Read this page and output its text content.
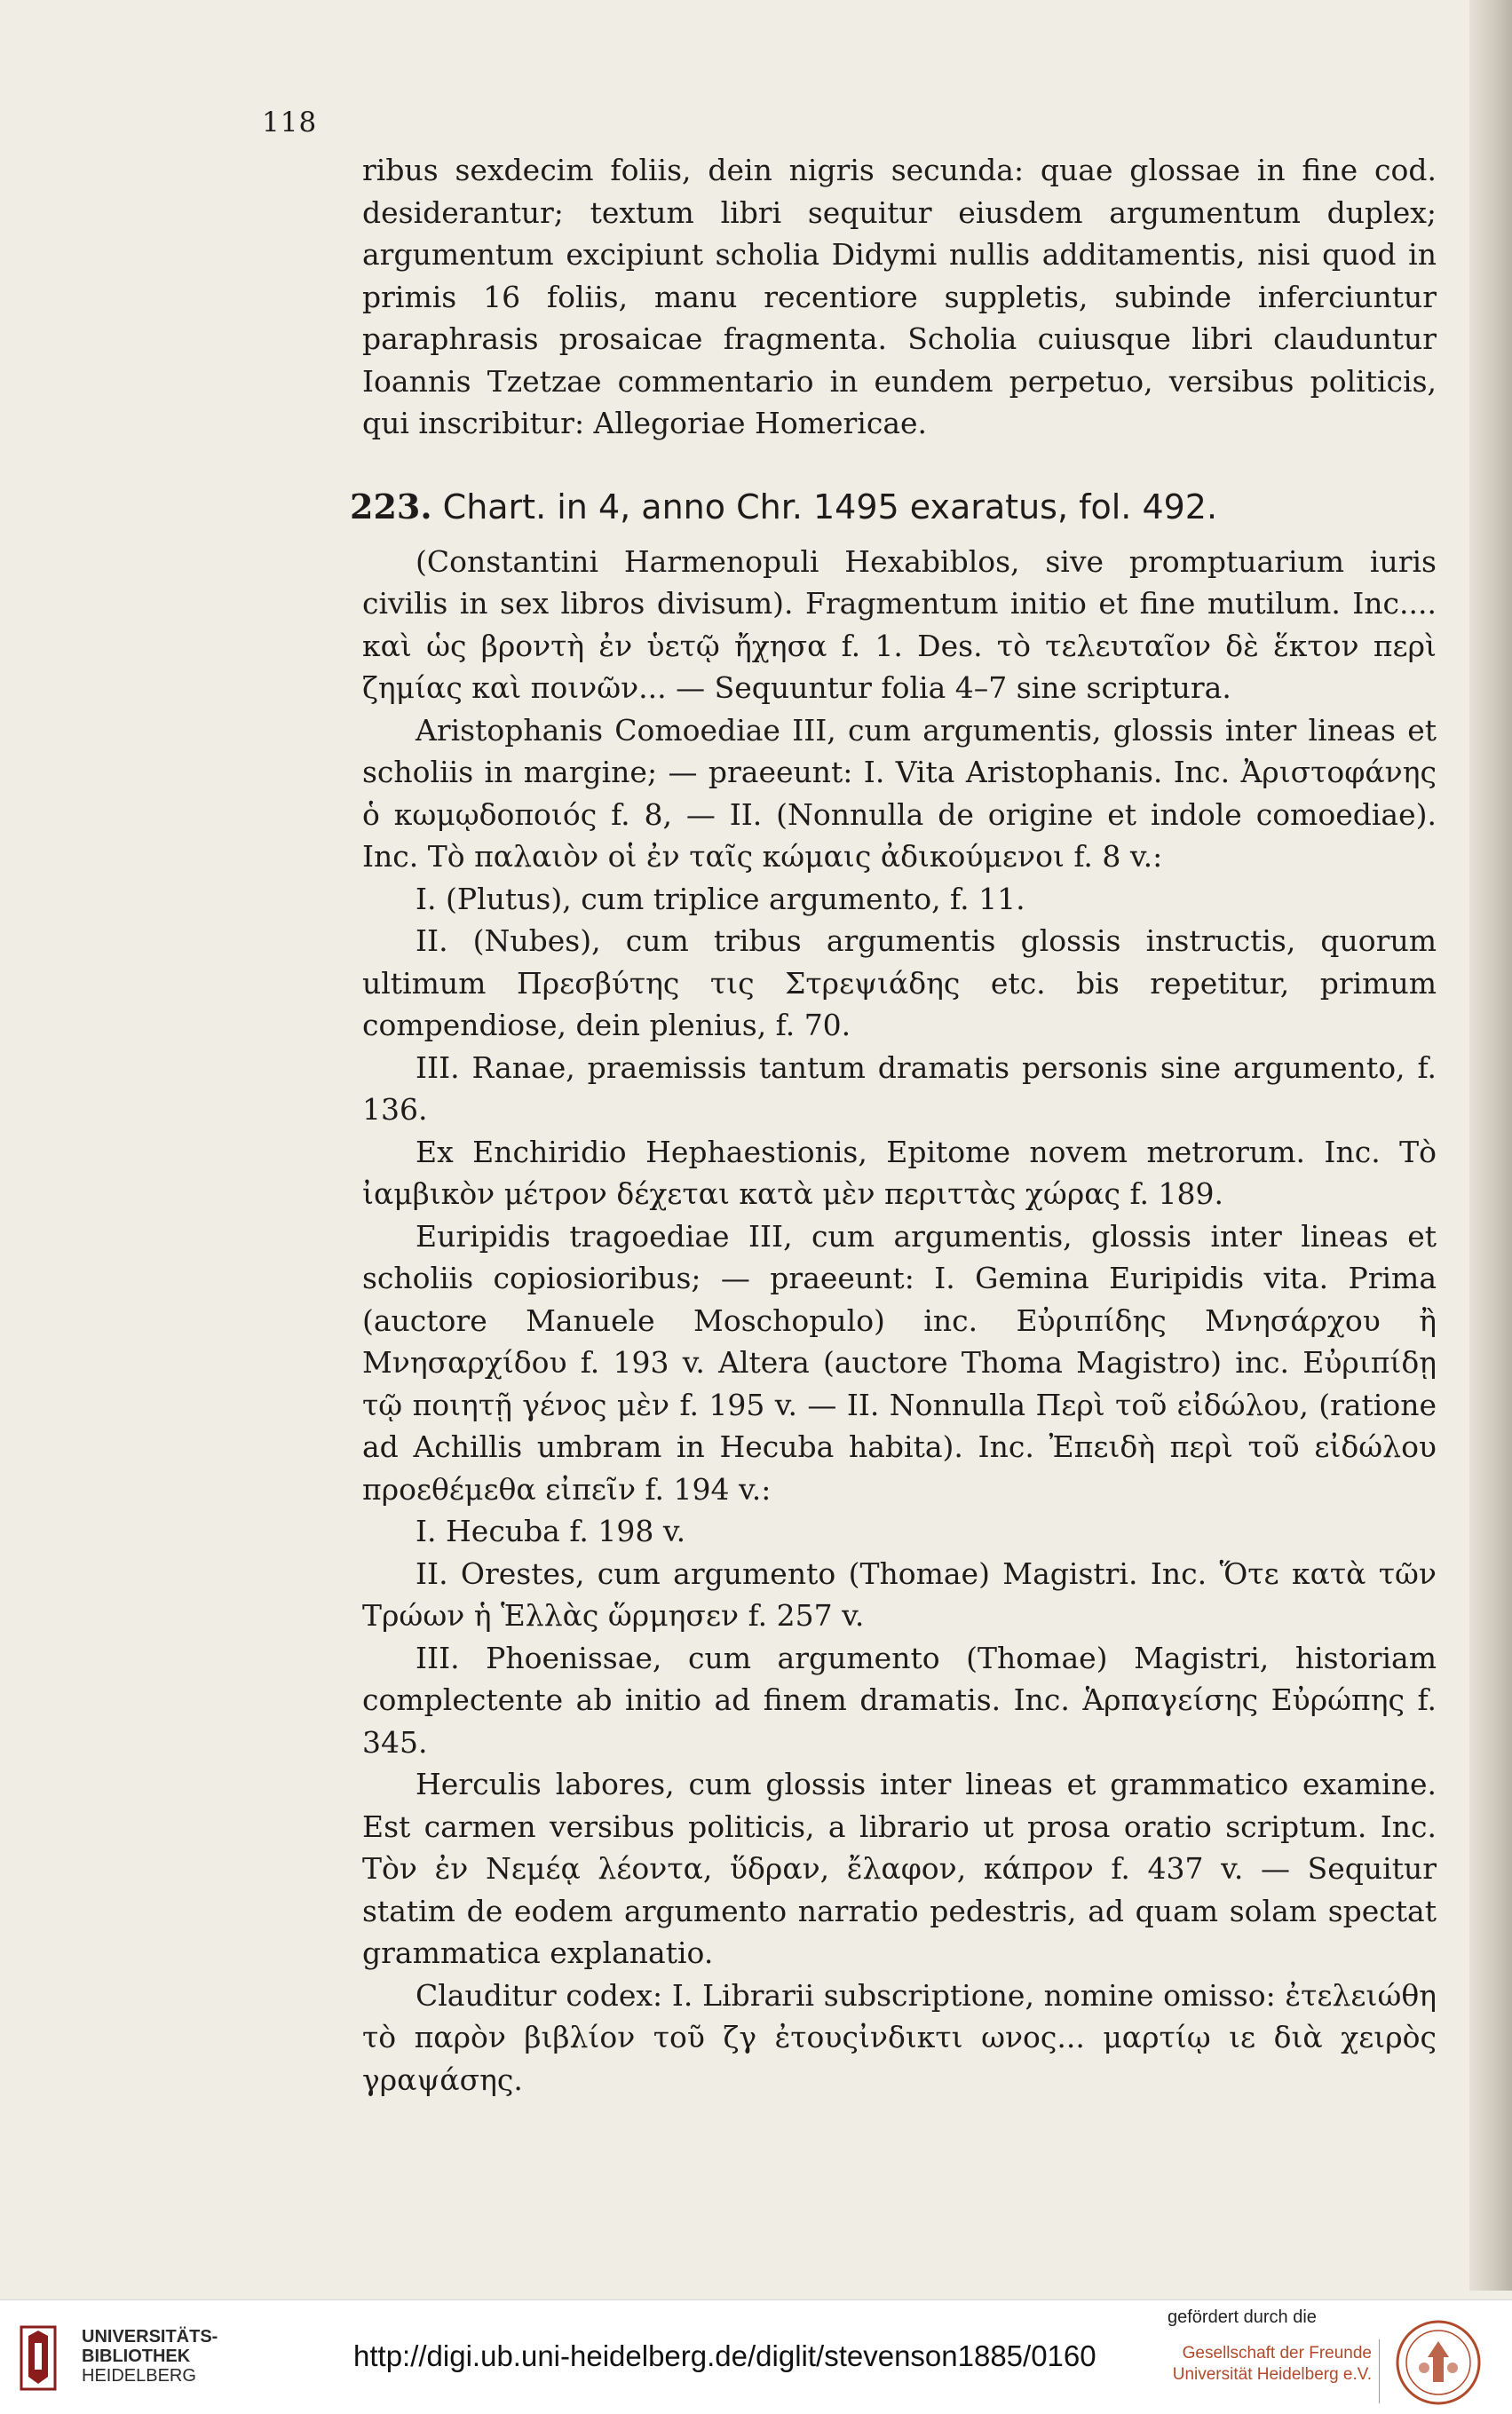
118

ribus sexdecim foliis, dein nigris secunda: quae glossae in fine cod. desiderantur; textum libri sequitur eiusdem argumentum duplex; argumentum excipiunt scholia Didymi nullis additamentis, nisi quod in primis 16 foliis, manu recentiore suppletis, subinde inferciuntur paraphrasis prosaicae fragmenta. Scholia cuiusque libri clauduntur Ioannis Tzetzae commentario in eundem perpetuo, versibus politicis, qui inscribitur: Allegoriae Homericae.

223. Chart. in 4, anno Chr. 1495 exaratus, fol. 492.

(Constantini Harmenopuli Hexabiblos, sive promptuarium iuris civilis in sex libros divisum). Fragmentum initio et fine mutilum. Inc.... καὶ ὡς βροντὴ ἐν ὑετῷ ἤχησα f. 1. Des. τὸ τελευταῖον δὲ ἕκτον περὶ ζημίας καὶ ποινῶν... — Sequuntur folia 4–7 sine scriptura.

Aristophanis Comoediae III, cum argumentis, glossis inter lineas et scholiis in margine; — praeeunt: I. Vita Aristophanis. Inc. Ἀριστοφάνης ὁ κωμῳδοποιός f. 8, — II. (Nonnulla de origine et indole comoediae). Inc. Τὸ παλαιὸν οἱ ἐν ταῖς κώμαις ἀδικούμενοι f. 8 v.:

I. (Plutus), cum triplice argumento, f. 11.

II. (Nubes), cum tribus argumentis glossis instructis, quorum ultimum Πρεσβύτης τις Στρεψιάδης etc. bis repetitur, primum compendiose, dein plenius, f. 70.

III. Ranae, praemissis tantum dramatis personis sine argumento, f. 136.

Ex Enchiridio Hephaestionis, Epitome novem metrorum. Inc. Τὸ ἰαμβικὸν μέτρον δέχεται κατὰ μὲν περιττὰς χώρας f. 189.

Euripidis tragoediae III, cum argumentis, glossis inter lineas et scholiis copiosioribus; — praeeunt: I. Gemina Euripidis vita. Prima (auctore Manuele Moschopulo) inc. Εὐριπίδης Μνησάρχου ἢ Μνησαρχίδου f. 193 v. Altera (auctore Thoma Magistro) inc. Εὐριπίδῃ τῷ ποιητῇ γένος μὲν f. 195 v. — II. Nonnulla Περὶ τοῦ εἰδώλου, (ratione ad Achillis umbram in Hecuba habita). Inc. Ἐπειδὴ περὶ τοῦ εἰδώλου προεθέμεθα εἰπεῖν f. 194 v.:

I. Hecuba f. 198 v.

II. Orestes, cum argumento (Thomae) Magistri. Inc. Ὅτε κατὰ τῶν Τρώων ἡ Ἑλλὰς ὥρμησεν f. 257 v.

III. Phoenissae, cum argumento (Thomae) Magistri, historiam complectente ab initio ad finem dramatis. Inc. Ἁρπαγείσης Εὐρώπης f. 345.

Herculis labores, cum glossis inter lineas et grammatico examine. Est carmen versibus politicis, a librario ut prosa oratio scriptum. Inc. Τὸν ἐν Νεμέᾳ λέοντα, ὕδραν, ἔλαφον, κάπρον f. 437 v. — Sequitur statim de eodem argumento narratio pedestris, ad quam solam spectat grammatica explanatio.

Clauditur codex: I. Librarii subscriptione, nomine omisso: ἐτελειώθη τὸ παρὸν βιβλίον τοῦ ζγ ἐτουςἰνδικτι ωνος... μαρτίῳ ιε διὰ χειρὸς γραψάσης.

UNIVERSITÄTS-
BIBLIOTHEK
HEIDELBERG
http://digi.ub.uni-heidelberg.de/diglit/stevenson1885/0160
gefördert durch die
Gesellschaft der Freunde
Universität Heidelberg e.V.
